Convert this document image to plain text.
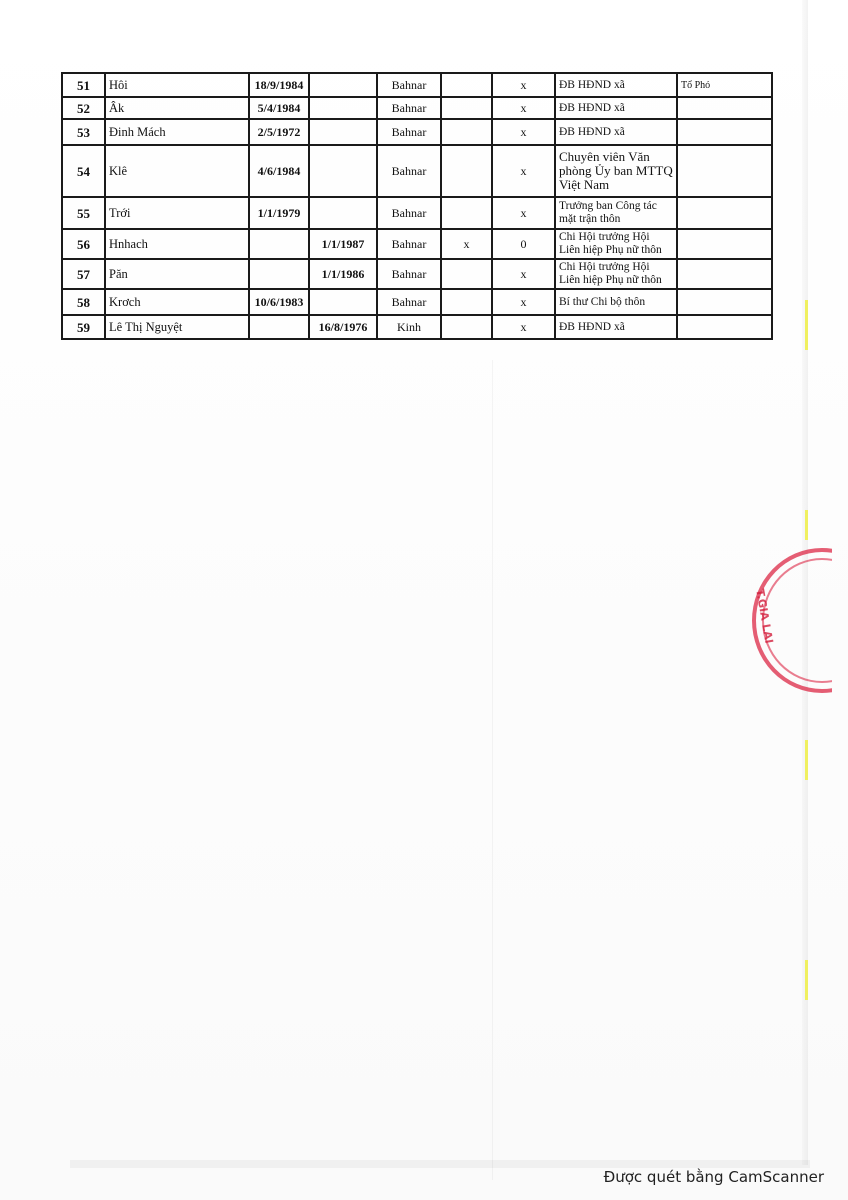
51	Hôi	18/9/1984		Bahnar		x	ĐB HĐND xã	Tổ Phó
52	Âk	5/4/1984		Bahnar		x	ĐB HĐND xã	
53	Đinh Mách	2/5/1972		Bahnar		x	ĐB HĐND xã	
54	Klê	4/6/1984		Bahnar		x	Chuyên viên Văn phòng Ủy ban MTTQ Việt Nam	
55	Trới	1/1/1979		Bahnar		x	Trưởng ban Công tác mặt trận thôn	
56	Hnhach		1/1/1987	Bahnar	x	0	Chi Hội trưởng Hội Liên hiệp Phụ nữ thôn	
57	Păn		1/1/1986	Bahnar		x	Chi Hội trưởng Hội Liên hiệp Phụ nữ thôn	
58	Krơch	10/6/1983		Bahnar		x	Bí thư Chi bộ thôn	
59	Lê Thị Nguyệt		16/8/1976	Kinh		x	ĐB HĐND xã	
T.GIA LAI
Được quét bằng CamScanner
